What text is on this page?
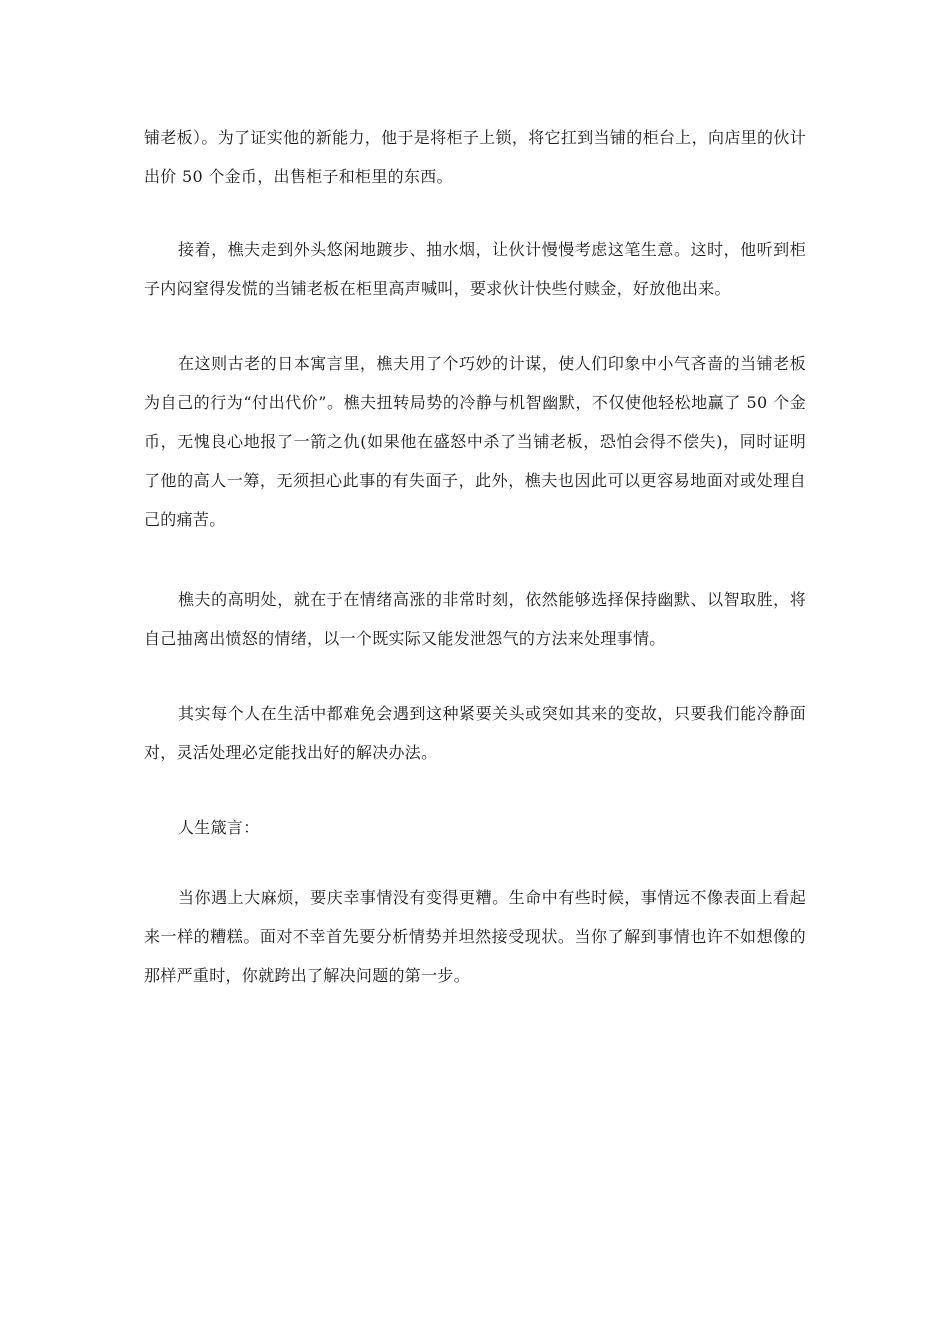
铺老板）。为了证实他的新能力，他于是将柜子上锁，将它扛到当铺的柜台上，向店里的伙计出价 50 个金币，出售柜子和柜里的东西。

接着，樵夫走到外头悠闲地踱步、抽水烟，让伙计慢慢考虑这笔生意。这时，他听到柜子内闷窒得发慌的当铺老板在柜里高声喊叫，要求伙计快些付赎金，好放他出来。

在这则古老的日本寓言里，樵夫用了个巧妙的计谋，使人们印象中小气吝啬的当铺老板为自己的行为“付出代价”。樵夫扭转局势的冷静与机智幽默，不仅使他轻松地赢了 50 个金币，无愧良心地报了一箭之仇(如果他在盛怒中杀了当铺老板，恐怕会得不偿失)，同时证明了他的高人一筹，无须担心此事的有失面子，此外，樵夫也因此可以更容易地面对或处理自己的痛苦。

樵夫的高明处，就在于在情绪高涨的非常时刻，依然能够选择保持幽默、以智取胜，将自己抽离出愤怒的情绪，以一个既实际又能发泄怨气的方法来处理事情。

其实每个人在生活中都难免会遇到这种紧要关头或突如其来的变故，只要我们能冷静面对，灵活处理必定能找出好的解决办法。

人生箴言：

当你遇上大麻烦，要庆幸事情没有变得更糟。生命中有些时候，事情远不像表面上看起来一样的糟糕。面对不幸首先要分析情势并坦然接受现状。当你了解到事情也许不如想像的那样严重时，你就跨出了解决问题的第一步。
